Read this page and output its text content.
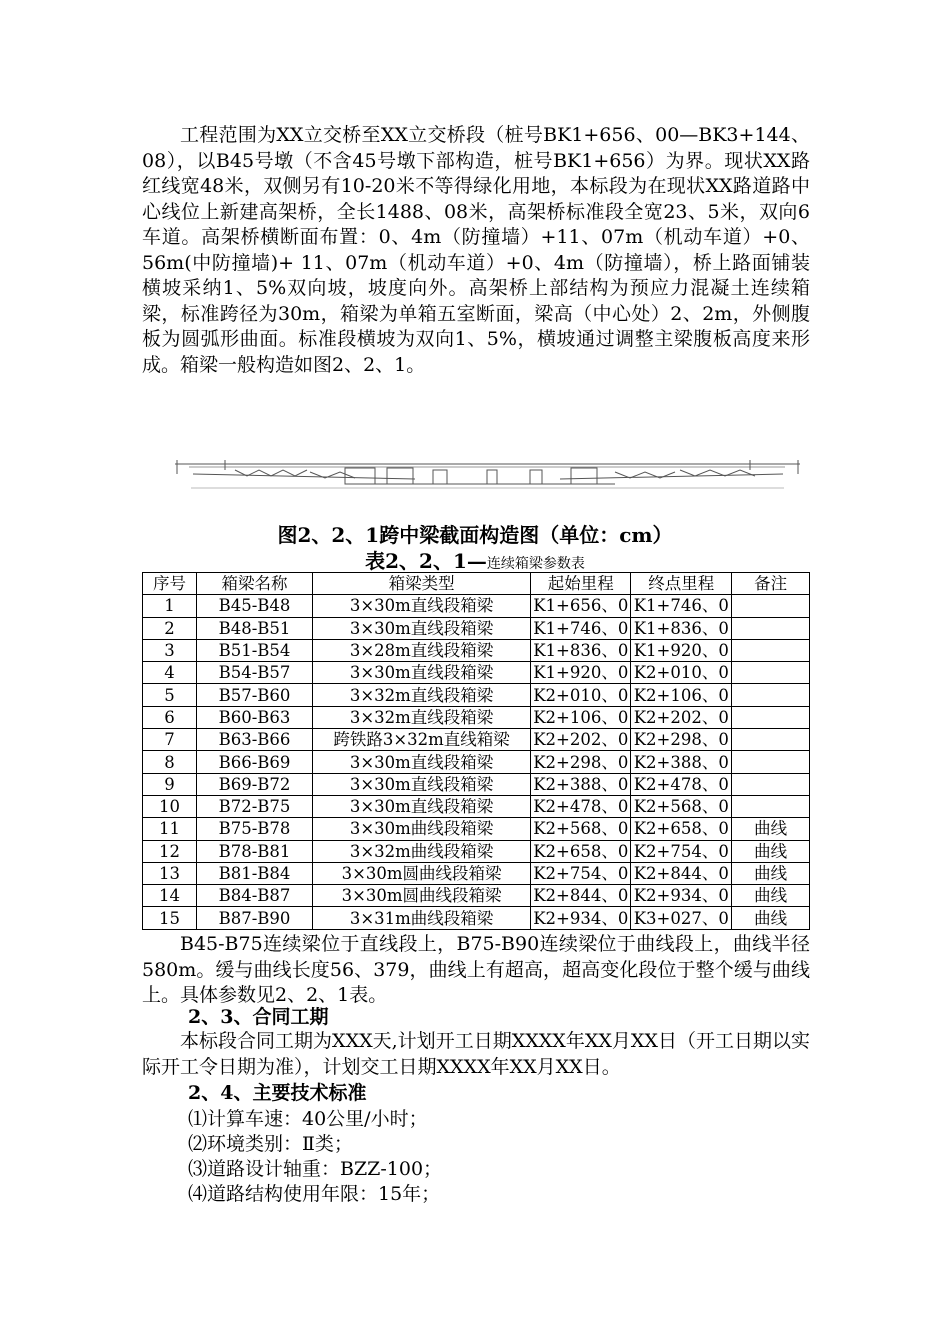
工程范围为XX立交桥至XX立交桥段（桩号BK1+656、00—BK3+144、08），以B45号墩（不含45号墩下部构造，桩号BK1+656）为界。现状XX路红线宽48米，双侧另有10-20米不等得绿化用地，本标段为在现状XX路道路中心线位上新建高架桥，全长1488、08米，高架桥标准段全宽23、5米，双向6车道。高架桥横断面布置：0、4m（防撞墙）+11、07m（机动车道）+0、56m(中防撞墙)+ 11、07m（机动车道）+0、4m（防撞墙），桥上路面铺装横坡采纳1、5%双向坡，坡度向外。高架桥上部结构为预应力混凝土连续箱梁，标准跨径为30m，箱梁为单箱五室断面，梁高（中心处）2、2m，外侧腹板为圆弧形曲面。标准段横坡为双向1、5%，横坡通过调整主梁腹板高度来形成。箱梁一般构造如图2、2、1。

图2、2、1跨中梁截面构造图（单位：cm）
表2、2、1—连续箱梁参数表
序号	箱梁名称	箱梁类型	起始里程	终点里程	备注
1	B45-B48	3×30m直线段箱梁	K1+656、0	K1+746、0	
2	B48-B51	3×30m直线段箱梁	K1+746、0	K1+836、0	
3	B51-B54	3×28m直线段箱梁	K1+836、0	K1+920、0	
4	B54-B57	3×30m直线段箱梁	K1+920、0	K2+010、0	
5	B57-B60	3×32m直线段箱梁	K2+010、0	K2+106、0	
6	B60-B63	3×32m直线段箱梁	K2+106、0	K2+202、0	
7	B63-B66	跨铁路3×32m直线箱梁	K2+202、0	K2+298、0	
8	B66-B69	3×30m直线段箱梁	K2+298、0	K2+388、0	
9	B69-B72	3×30m直线段箱梁	K2+388、0	K2+478、0	
10	B72-B75	3×30m直线段箱梁	K2+478、0	K2+568、0	
11	B75-B78	3×30m曲线段箱梁	K2+568、0	K2+658、0	曲线
12	B78-B81	3×32m曲线段箱梁	K2+658、0	K2+754、0	曲线
13	B81-B84	3×30m圆曲线段箱梁	K2+754、0	K2+844、0	曲线
14	B84-B87	3×30m圆曲线段箱梁	K2+844、0	K2+934、0	曲线
15	B87-B90	3×31m曲线段箱梁	K2+934、0	K3+027、0	曲线

B45-B75连续梁位于直线段上，B75-B90连续梁位于曲线段上，曲线半径580m。缓与曲线长度56、379，曲线上有超高，超高变化段位于整个缓与曲线上。具体参数见2、2、1表。

2、3、合同工期

本标段合同工期为XXX天,计划开工日期XXXX年XX月XX日（开工日期以实际开工令日期为准），计划交工日期XXXX年XX月XX日。

2、4、主要技术标准
⑴计算车速：40公里/小时；
⑵环境类别：Ⅱ类；
⑶道路设计轴重：BZZ-100；
⑷道路结构使用年限：15年；
